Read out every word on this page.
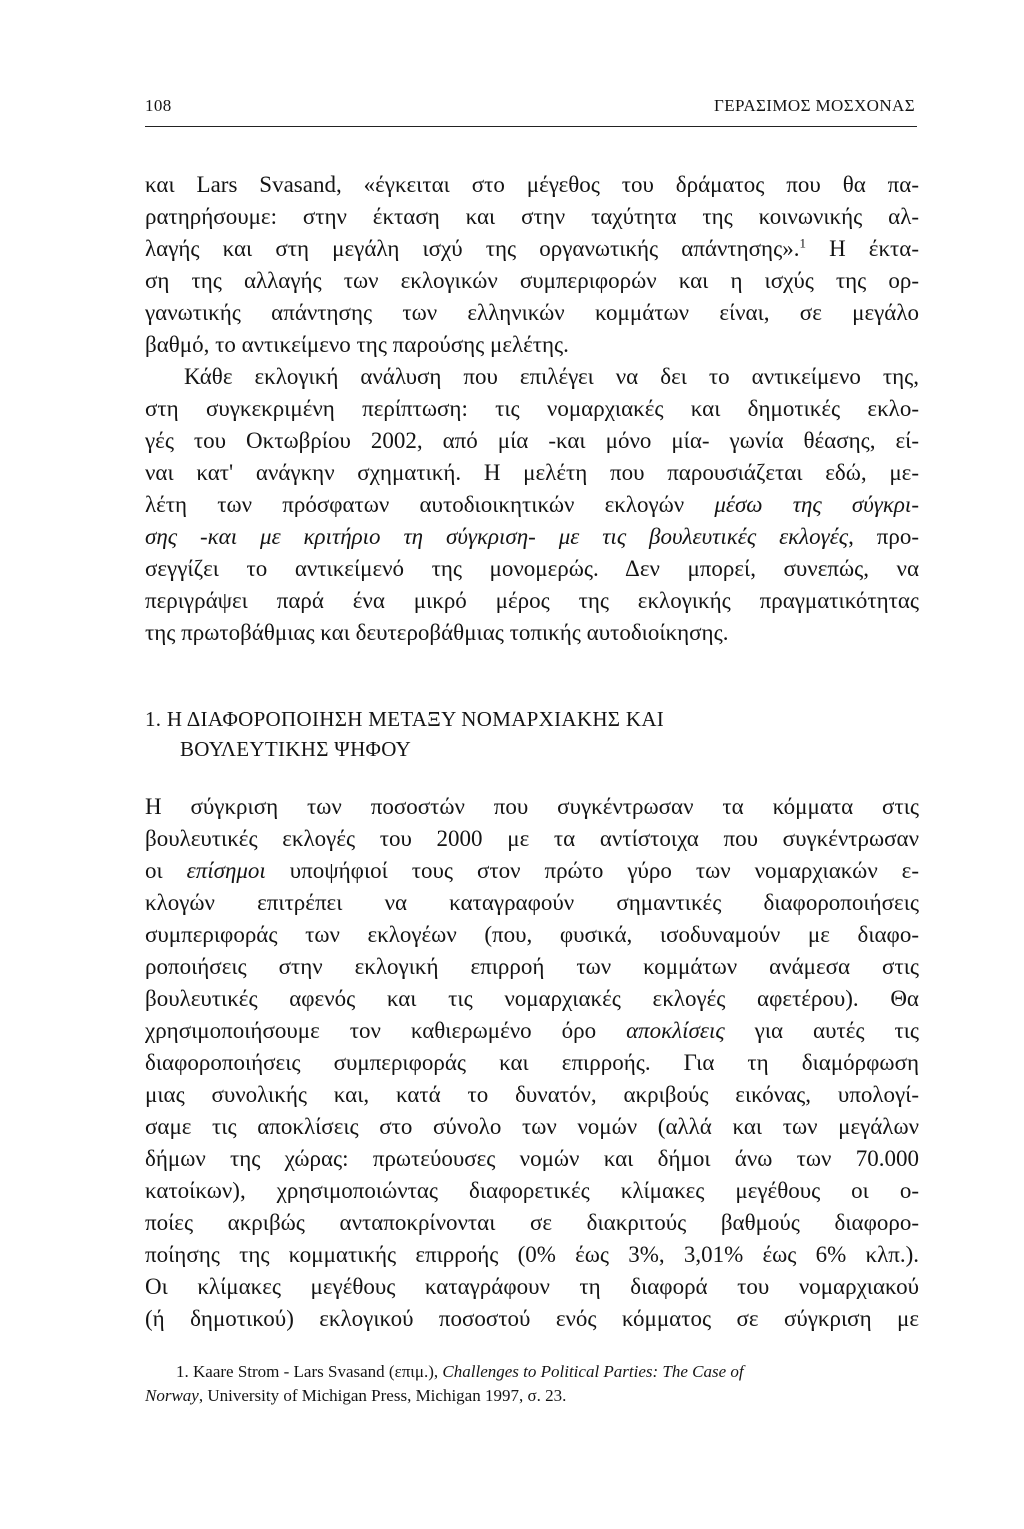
108	ΓΕΡΑΣΙΜΟΣ ΜΟΣΧΟΝΑΣ
και Lars Svasand, «έγκειται στο μέγεθος του δράματος που θα πα-
ρατηρήσουμε: στην έκταση και στην ταχύτητα της κοινωνικής αλ-
λαγής και στη μεγάλη ισχύ της οργανωτικής απάντησης».$^1$ Η έκτα-
ση της αλλαγής των εκλογικών συμπεριφορών και η ισχύς της ορ-
γανωτικής απάντησης των ελληνικών κομμάτων είναι, σε μεγάλο
βαθμό, το αντικείμενο της παρούσης μελέτης.
Κάθε εκλογική ανάλυση που επιλέγει να δει το αντικείμενο της,
στη συγκεκριμένη περίπτωση: τις νομαρχιακές και δημοτικές εκλο-
γές του Οκτωβρίου 2002, από μία -και μόνο μία- γωνία θέασης, εί-
ναι κατ' ανάγκην σχηματική. Η μελέτη που παρουσιάζεται εδώ, με-
λέτη των πρόσφατων αυτοδιοικητικών εκλογών μέσω της σύγκρι-
σης -και με κριτήριο τη σύγκριση- με τις βουλευτικές εκλογές, προ-
σεγγίζει το αντικείμενό της μονομερώς. Δεν μπορεί, συνεπώς, να
περιγράψει παρά ένα μικρό μέρος της εκλογικής πραγματικότητας
της πρωτοβάθμιας και δευτεροβάθμιας τοπικής αυτοδιοίκησης.
1. Η ΔΙΑΦΟΡΟΠΟΙΗΣΗ ΜΕΤΑΞΥ ΝΟΜΑΡΧΙΑΚΗΣ ΚΑΙ
ΒΟΥΛΕΥΤΙΚΗΣ ΨΗΦΟΥ
Η σύγκριση των ποσοστών που συγκέντρωσαν τα κόμματα στις
βουλευτικές εκλογές του 2000 με τα αντίστοιχα που συγκέντρωσαν
οι επίσημοι υποψήφιοί τους στον πρώτο γύρο των νομαρχιακών ε-
κλογών επιτρέπει να καταγραφούν σημαντικές διαφοροποιήσεις
συμπεριφοράς των εκλογέων (που, φυσικά, ισοδυναμούν με διαφο-
ροποιήσεις στην εκλογική επιρροή των κομμάτων ανάμεσα στις
βουλευτικές αφενός και τις νομαρχιακές εκλογές αφετέρου). Θα
χρησιμοποιήσουμε τον καθιερωμένο όρο αποκλίσεις για αυτές τις
διαφοροποιήσεις συμπεριφοράς και επιρροής. Για τη διαμόρφωση
μιας συνολικής και, κατά το δυνατόν, ακριβούς εικόνας, υπολογί-
σαμε τις αποκλίσεις στο σύνολο των νομών (αλλά και των μεγάλων
δήμων της χώρας: πρωτεύουσες νομών και δήμοι άνω των 70.000
κατοίκων), χρησιμοποιώντας διαφορετικές κλίμακες μεγέθους οι ο-
ποίες ακριβώς ανταποκρίνονται σε διακριτούς βαθμούς διαφορο-
ποίησης της κομματικής επιρροής (0% έως 3%, 3,01% έως 6% κλπ.).
Οι κλίμακες μεγέθους καταγράφουν τη διαφορά του νομαρχιακού
(ή δημοτικού) εκλογικού ποσοστού ενός κόμματος σε σύγκριση με
1. Kaare Strom - Lars Svasand (επιμ.), Challenges to Political Parties: The Case of
Norway, University of Michigan Press, Michigan 1997, σ. 23.
